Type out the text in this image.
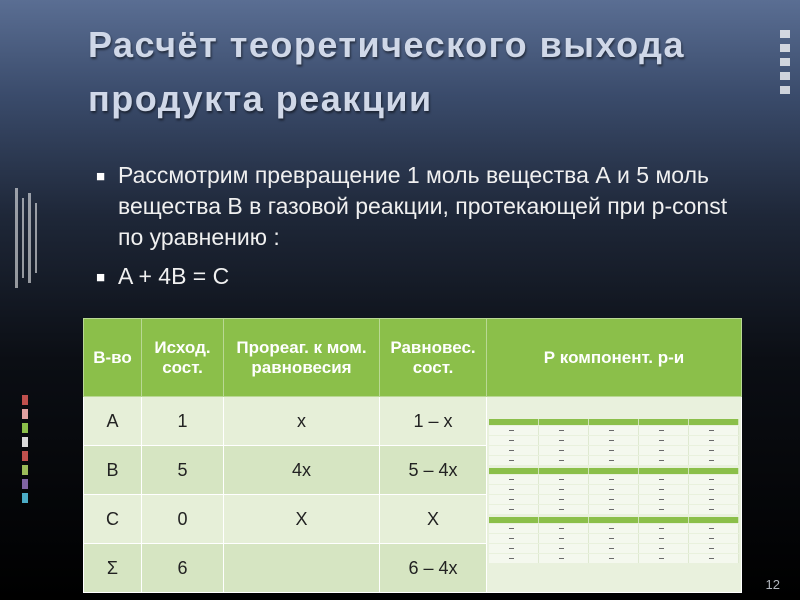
Расчёт теоретического выхода продукта реакции
■ Рассмотрим превращение 1 моль вещества А и 5 моль вещества В в газовой реакции, протекающей при р-const по уравнению :
■ A + 4B = C
В-во	Исход. сост.	Прореаг. к мом. равновесия	Равновес. сост.	Р компонент. р-и
A	1	x	1 – x	

B	5	4x	5 – 4x	
C	0	X	X	
Σ	6		6 – 4x	
12
